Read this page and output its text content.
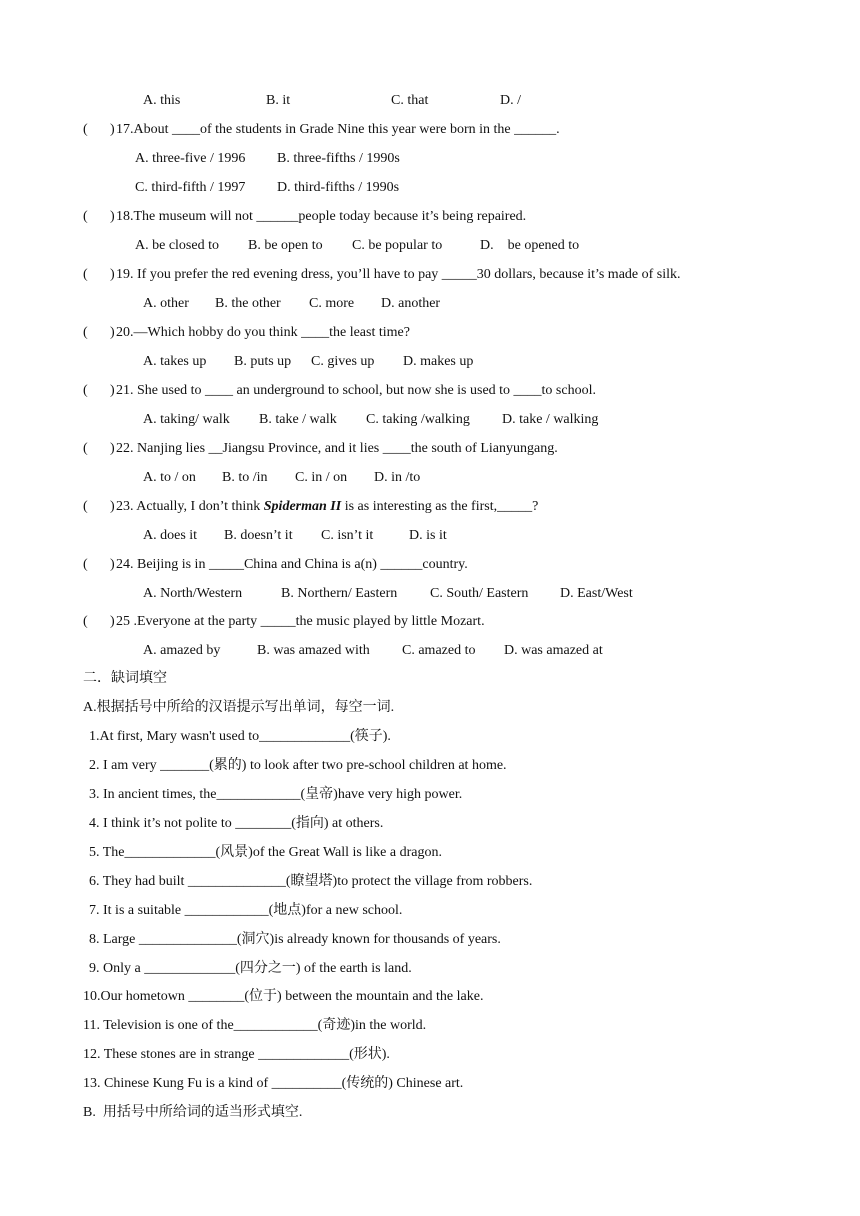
A. this	B. it	C. that	D. /
( ) 17.About ____of the students in Grade Nine this year were born in the ______.
A. three-five / 1996 B. three-fifths / 1990s
C. third-fifth / 1997 D. third-fifths / 1990s
( ) 18.The museum will not ______people today because it’s being repaired.
A. be closed to B. be open to C. be popular to	D.    be opened to
( ) 19. If you prefer the red evening dress, you’ll have to pay _____30 dollars, because it’s made of silk.
A. other B. the other C. more D. another
( ) 20.—Which hobby do you think ____the least time?
A. takes up B. puts up C. gives up D. makes up
( ) 21. She used to ____ an underground to school, but now she is used to ____to school.
A. taking/ walk B. take / walk C. taking /walking D. take / walking
( ) 22. Nanjing lies __Jiangsu Province, and it lies ____the south of Lianyungang.
A. to / on B. to /in C. in / on D. in /to
( ) 23. Actually, I don’t think Spiderman II is as interesting as the first,_____?
A. does it B. doesn’t it C. isn’t it	D. is it
( ) 24. Beijing is in _____China and China is a(n) ______country.
A. North/Western	B. Northern/ Eastern C. South/ Eastern D. East/West
( ) 25 .Everyone at the party _____the music played by little Mozart.
A. amazed by	B. was amazed with C. amazed to D. was amazed at
二．缺词填空
A.根据括号中所给的汉语提示写出单词，每空一词.
1.At first, Mary wasn't used to_____________(筷子).
2. I am very _______(累的) to look after two pre-school children at home.
3. In ancient times, the____________(皇帝)have very high power.
4. I think it’s not polite to ________(指向) at others.
5. The_____________(风景)of the Great Wall is like a dragon.
6. They had built ______________(瞭望塔)to protect the village from robbers.
7. It is a suitable ____________(地点)for a new school.
8. Large ______________(洞穴)is already known for thousands of years.
9. Only a _____________(四分之一) of the earth is land.
10.Our hometown ________(位于) between the mountain and the lake.
11. Television is one of the____________(奇迹)in the world.
12. These stones are in strange _____________(形状).
13. Chinese Kung Fu is a kind of __________(传统的) Chinese art.
B.  用括号中所给词的适当形式填空.
